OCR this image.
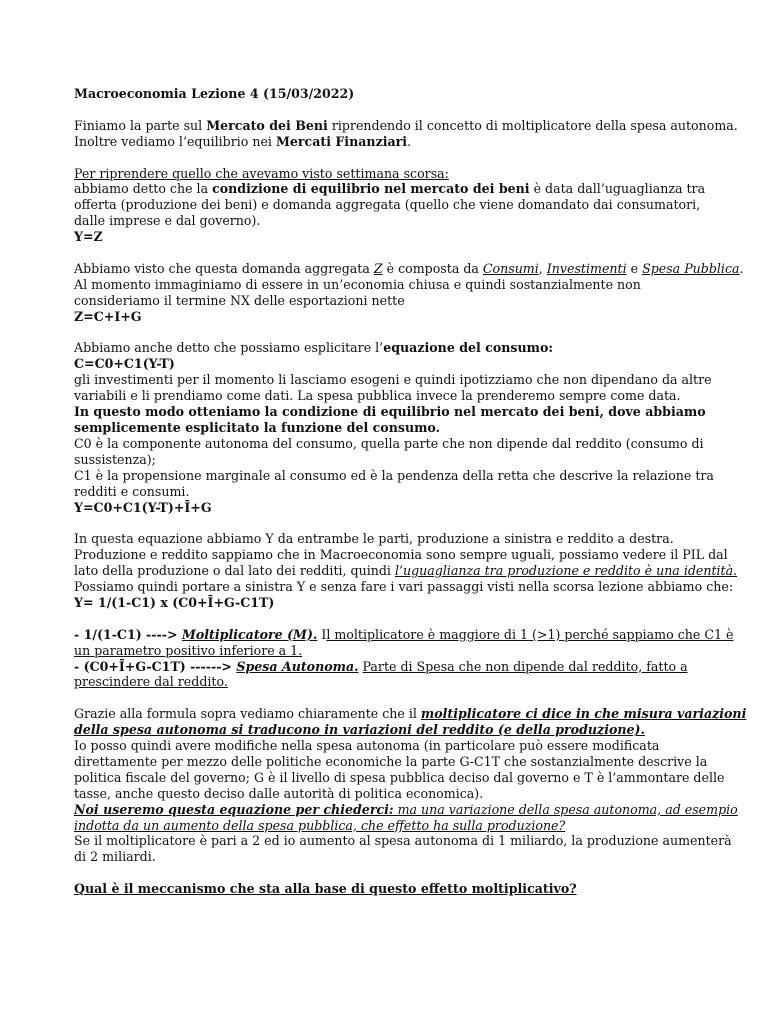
Macroeconomia Lezione 4 (15/03/2022)
Finiamo la parte sul Mercato dei Beni riprendendo il concetto di moltiplicatore della spesa autonoma.
Inoltre vediamo l’equilibrio nei Mercati Finanziari.
Per riprendere quello che avevamo visto settimana scorsa:
abbiamo detto che la condizione di equilibrio nel mercato dei beni è data dall’uguaglianza tra
offerta (produzione dei beni) e domanda aggregata (quello che viene domandato dai consumatori,
dalle imprese e dal governo).
Y=Z
Abbiamo visto che questa domanda aggregata Z è composta da Consumi, Investimenti e Spesa Pubblica.
Al momento immaginiamo di essere in un’economia chiusa e quindi sostanzialmente non
consideriamo il termine NX delle esportazioni nette
Z=C+I+G
Abbiamo anche detto che possiamo esplicitare l’equazione del consumo:
C=C0+C1(Y-T)
gli investimenti per il momento li lasciamo esogeni e quindi ipotizziamo che non dipendano da altre
variabili e li prendiamo come dati. La spesa pubblica invece la prenderemo sempre come data.
In questo modo otteniamo la condizione di equilibrio nel mercato dei beni, dove abbiamo
semplicemente esplicitato la funzione del consumo.
C0 è la componente autonoma del consumo, quella parte che non dipende dal reddito (consumo di
sussistenza);
C1 è la propensione marginale al consumo ed è la pendenza della retta che descrive la relazione tra
redditi e consumi.
Y=C0+C1(Y-T)+Ī+G
In questa equazione abbiamo Y da entrambe le parti, produzione a sinistra e reddito a destra.
Produzione e reddito sappiamo che in Macroeconomia sono sempre uguali, possiamo vedere il PIL dal
lato della produzione o dal lato dei redditi, quindi l’uguaglianza tra produzione e reddito è una identità.
Possiamo quindi portare a sinistra Y e senza fare i vari passaggi visti nella scorsa lezione abbiamo che:
Y= 1/(1-C1) x (C0+Ī+G-C1T)
- 1/(1-C1) ----> Moltiplicatore (M). Il moltiplicatore è maggiore di 1 (>1) perché sappiamo che C1 è
un parametro positivo inferiore a 1.
- (C0+Ī+G-C1T) ------> Spesa Autonoma. Parte di Spesa che non dipende dal reddito, fatto a
prescindere dal reddito.
Grazie alla formula sopra vediamo chiaramente che il moltiplicatore ci dice in che misura variazioni
della spesa autonoma si traducono in variazioni del reddito (e della produzione).
Io posso quindi avere modifiche nella spesa autonoma (in particolare può essere modificata
direttamente per mezzo delle politiche economiche la parte G-C1T che sostanzialmente descrive la
politica fiscale del governo; G è il livello di spesa pubblica deciso dal governo e T è l’ammontare delle
tasse, anche questo deciso dalle autorità di politica economica).
Noi useremo questa equazione per chiederci: ma una variazione della spesa autonoma, ad esempio
indotta da un aumento della spesa pubblica, che effetto ha sulla produzione?
Se il moltiplicatore è pari a 2 ed io aumento al spesa autonoma di 1 miliardo, la produzione aumenterà
di 2 miliardi.
Qual è il meccanismo che sta alla base di questo effetto moltiplicativo?
